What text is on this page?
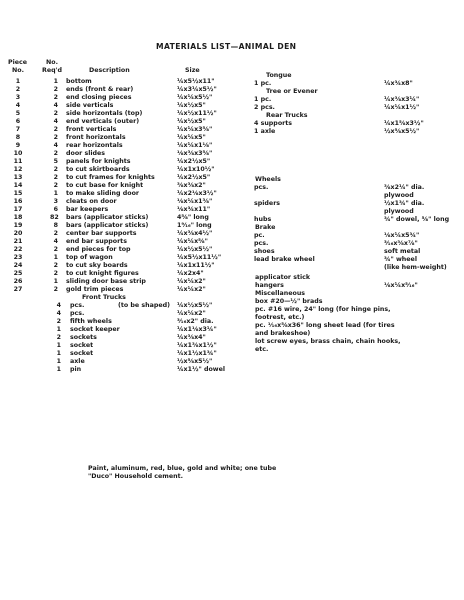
MATERIALS LIST—ANIMAL DEN
Piece
No.
No.
Req'd	Description	Size
1	1 bottom	¼x5½x11"
2	2 ends (front & rear)	¼x3¼x5½"
3	2 end closing pieces	¼x¼x5½"
4	4 side verticals	¼x½x5"
5	2 side horizontals (top)	¼x½x11½"
6	4 end verticals (outer)	¼x½x5"
7	2 front verticals	¼x¼x3⅝"
8	2 front horizontals	¼x¼x5"
9	4 rear horizontals	¼x¼x1⅛"
10	2 door slides	⅛x⅜x3⅝"
11	5 panels for knights	¼x2½x5"
12	2 to cut skirtboards	¼x1x10½"
13	2 to cut frames for knights	¼x2½x5"
14	2 to cut base for knight	⅜x⅜x2"
15	1 to make sliding door	¼x2⅛x3½"
16	3 cleats on door	⅛x¼x1⅜"
17	6 bar keepers	⅛x¾x11"
18	82 bars (applicator sticks)	4⅝" long
19	8 bars (applicator sticks)	1⁹⁄₁₆" long
20	2 center bar supports	¼x⅜x4½"
21	4 end bar supports	¼x¼x⅝"
22	2 end pieces for top	¼x½x5½"
23	1 top of wagon	¼x5½x11½"
24	2 to cut sky boards	¼x1x11½"
25	2 to cut knight figures	¼x2x4"
26	1 sliding door base strip	¼x¼x2"
27	2 gold trim pieces	¼x¼x2"
Front Trucks
4 pcs.	(to be shaped) ¼x½x5½"
4 pcs.	¼x¼x2"
2 fifth wheels	³⁄₁₆x2" dia.
1 socket keeper	¼x1⅛x3¼"
2 sockets	¼x⅜x4"
1 socket	¼x1⅜x1½"
1 socket	¼x1½x1¾"
1 axle	½x⅝x5½"
1 pin	¼x1½" dowel
Tongue
1 pc.	¼x¾x8"
Tree or Evener
1 pc.	¼x⅜x3¼"
2 pcs.	¼x¼x1½"
Rear Trucks
4 supports	¼x1⅝x3½"
1 axle	½x⅝x5½"
Wheels
pcs.	⅜x2¼" dia.
plywood
spiders	½x1¾" dia.
plywood
hubs	¾" dowel, ⅝" long
Brake
pc.	⅛x¼x5¾"
pcs.	³⁄₁₆x⅜x⅞"
shoes	soft metal
lead brake wheel	¾" wheel
(like hem-weight)
applicator stick
hangers	⅛x¼x⁵⁄₁₆"
Miscellaneous
box #20—½" brads
pc. #16 wire, 24" long (for hinge pins,
footrest, etc.)
pc. ¹⁄₁₆x⅝x36" long sheet lead (for tires
and brakeshoe)
lot screw eyes, brass chain, chain hooks,
etc.
Paint, aluminum, red, blue, gold and white; one tube
"Duco" Household cement.
